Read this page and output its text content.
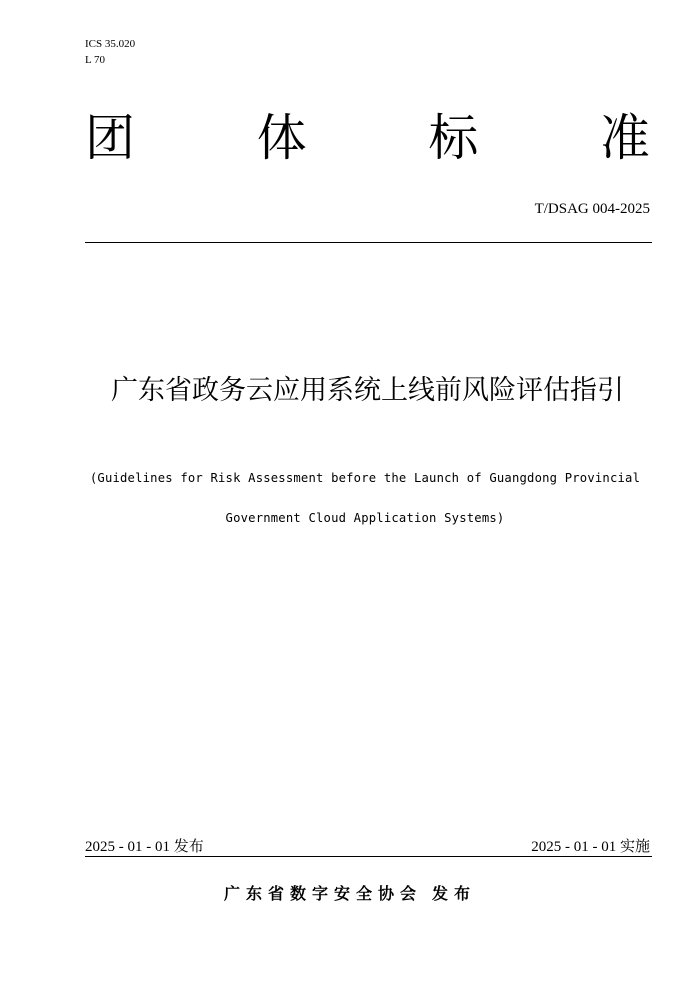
ICS 35.020
L 70
团 体 标 准
T/DSAG 004-2025
广东省政务云应用系统上线前风险评估指引
(Guidelines for Risk Assessment before the Launch of Guangdong Provincial
Government Cloud Application Systems)
2025 - 01 - 01 发布	2025 - 01 - 01 实施
广东省数字安全协会 发布
